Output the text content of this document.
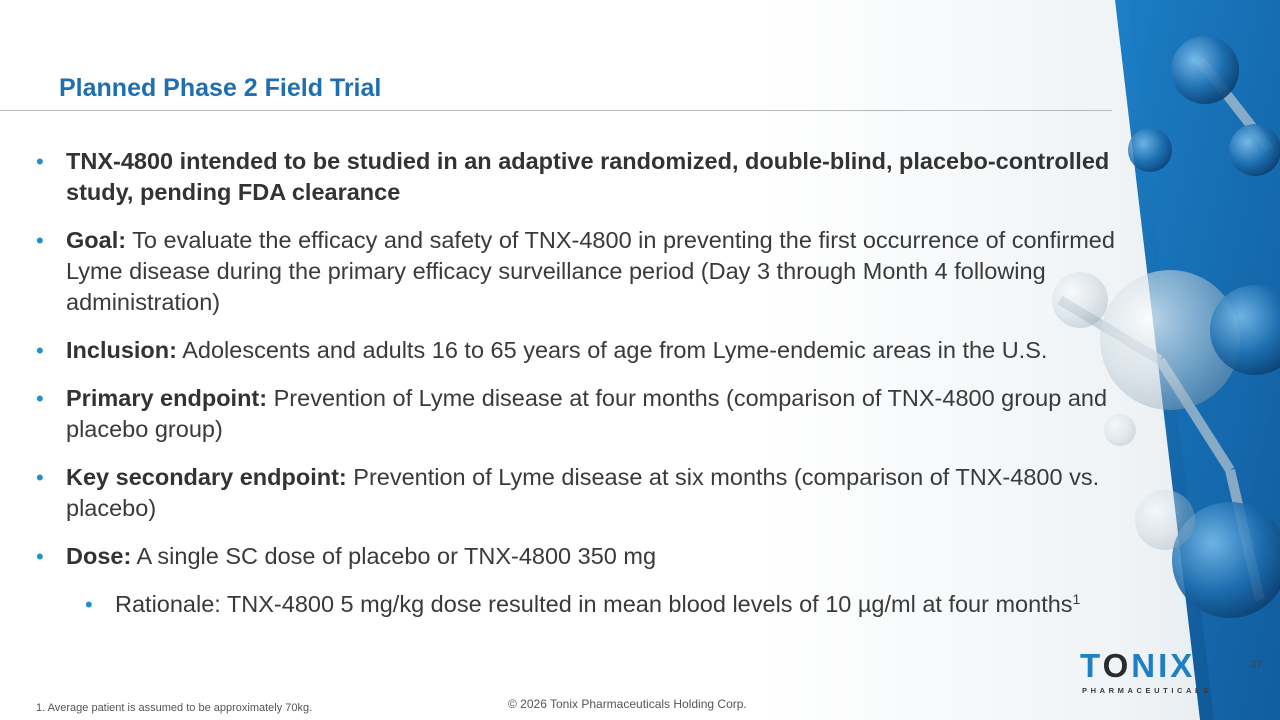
Planned Phase 2 Field Trial
• TNX-4800 intended to be studied in an adaptive randomized, double-blind, placebo-controlled study, pending FDA clearance
• Goal: To evaluate the efficacy and safety of TNX-4800 in preventing the first occurrence of confirmed Lyme disease during the primary efficacy surveillance period (Day 3 through Month 4 following administration)
• Inclusion: Adolescents and adults 16 to 65 years of age from Lyme-endemic areas in the U.S.
• Primary endpoint: Prevention of Lyme disease at four months (comparison of TNX-4800 group and placebo group)
• Key secondary endpoint: Prevention of Lyme disease at six months (comparison of TNX-4800 vs. placebo)
• Dose: A single SC dose of placebo or TNX-4800 350 mg
• Rationale: TNX-4800 5 mg/kg dose resulted in mean blood levels of 10 µg/ml at four months$^1$
1. Average patient is assumed to be approximately 70kg.	© 2026 Tonix Pharmaceuticals Holding Corp.
37
TONIX
PHARMACEUTICALS
